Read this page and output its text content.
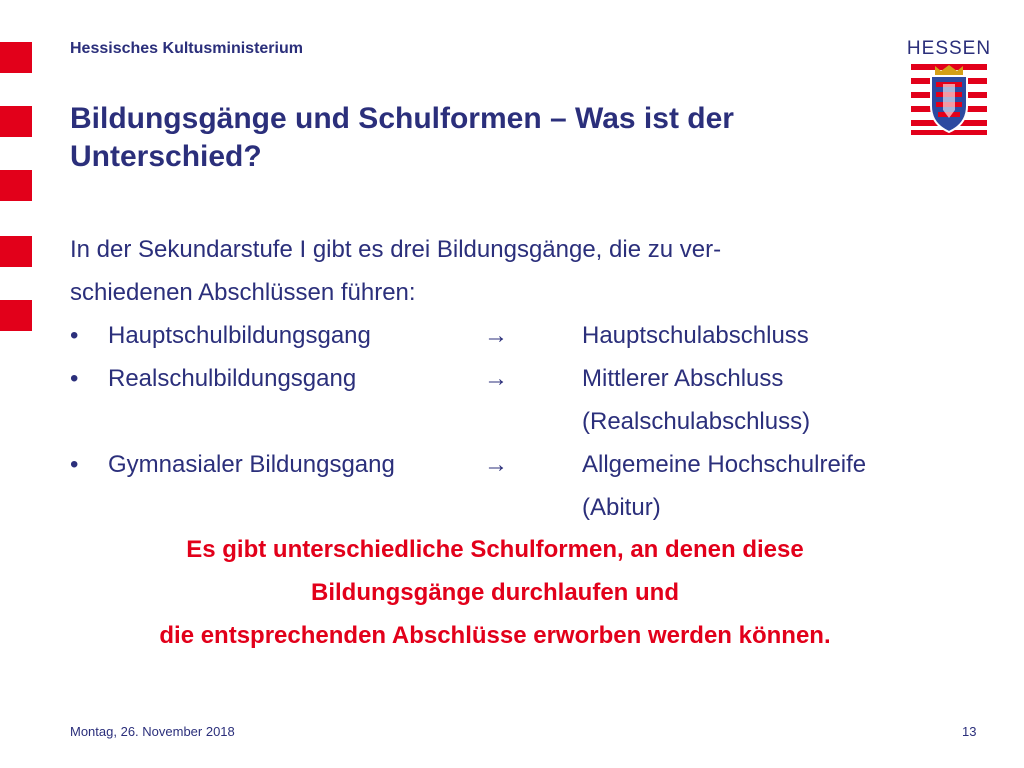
Hessisches Kultusministerium	HESSEN
Bildungsgänge und Schulformen – Was ist der
Unterschied?
In der Sekundarstufe I gibt es drei Bildungsgänge, die zu ver-
schiedenen Abschlüssen führen:
• Hauptschulbildungsgang	→	Hauptschulabschluss
• Realschulbildungsgang	→	Mittlerer Abschluss
(Realschulabschluss)
• Gymnasialer Bildungsgang	→	Allgemeine Hochschulreife
(Abitur)
Es gibt unterschiedliche Schulformen, an denen diese
Bildungsgänge durchlaufen und
die entsprechenden Abschlüsse erworben werden können.
Montag, 26. November 2018	13
